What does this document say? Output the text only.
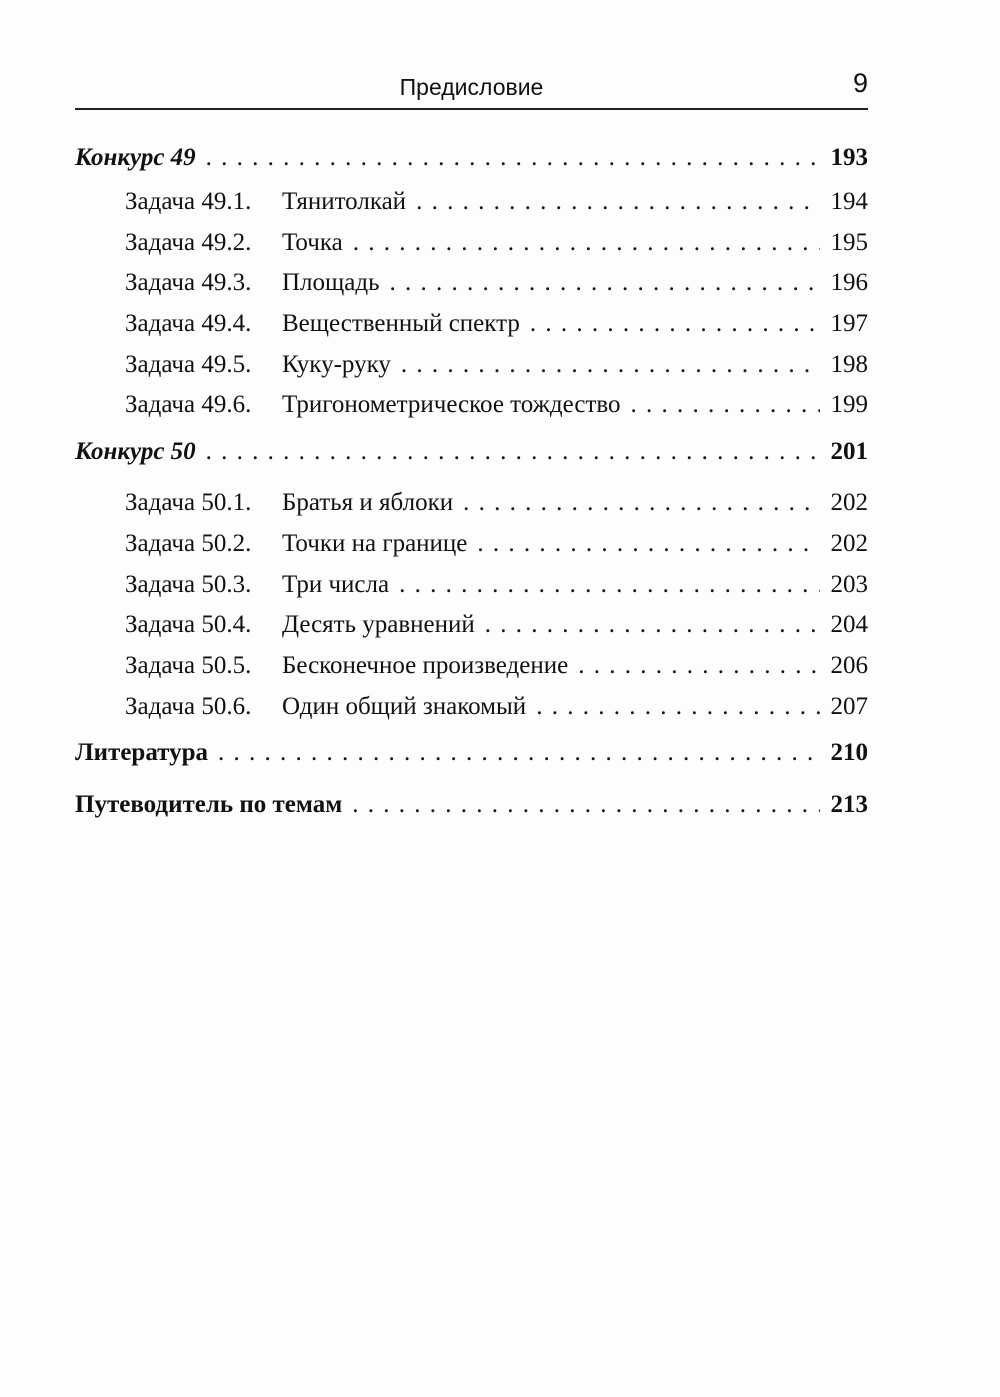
Предисловие	9
Конкурс 49 . . .	193
Задача 49.1.	Тянитолкай . . .	194
Задача 49.2.	Точка . . .	195
Задача 49.3.	Площадь . . .	196
Задача 49.4.	Вещественный спектр . . .	197
Задача 49.5.	Куку-руку . . .	198
Задача 49.6.	Тригонометрическое тождество . . .	199
Конкурс 50 . . .	201
Задача 50.1.	Братья и яблоки . . .	202
Задача 50.2.	Точки на границе . . .	202
Задача 50.3.	Три числа . . .	203
Задача 50.4.	Десять уравнений . . .	204
Задача 50.5.	Бесконечное произведение . . .	206
Задача 50.6.	Один общий знакомый . . .	207
Литература . . .	210
Путеводитель по темам . . .	213
